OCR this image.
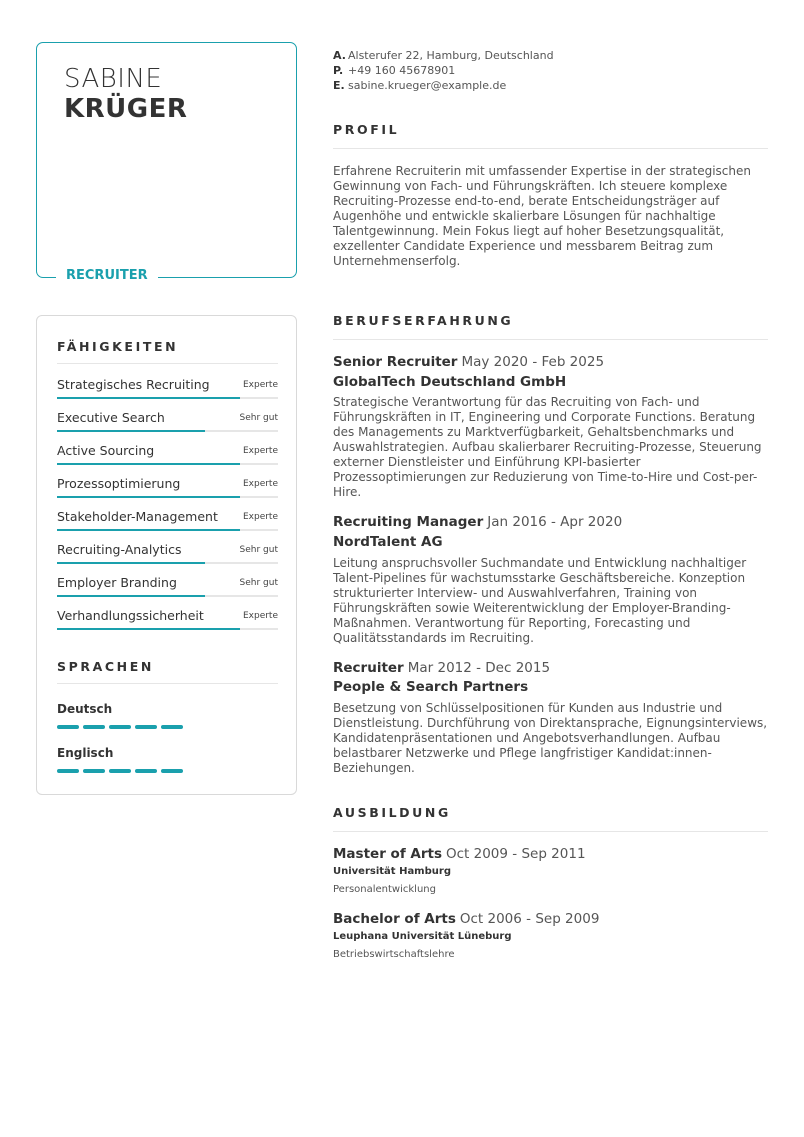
SABINE
KRÜGER
RECRUITER
FÄHIGKEITEN
Strategisches Recruiting	Experte
Executive Search	Sehr gut
Active Sourcing	Experte
Prozessoptimierung	Experte
Stakeholder-Management	Experte
Recruiting-Analytics	Sehr gut
Employer Branding	Sehr gut
Verhandlungssicherheit	Experte
SPRACHEN
Deutsch
Englisch
A. Alsterufer 22, Hamburg, Deutschland
P. +49 160 45678901
E. sabine.krueger@example.de
PROFIL
Erfahrene Recruiterin mit umfassender Expertise in der strategischen Gewinnung von Fach- und Führungskräften. Ich steuere komplexe Recruiting-Prozesse end-to-end, berate Entscheidungsträger auf Augenhöhe und entwickle skalierbare Lösungen für nachhaltige Talentgewinnung. Mein Fokus liegt auf hoher Besetzungsqualität, exzellenter Candidate Experience und messbarem Beitrag zum Unternehmenserfolg.
BERUFSERFAHRUNG
Senior Recruiter May 2020 - Feb 2025
GlobalTech Deutschland GmbH
Strategische Verantwortung für das Recruiting von Fach- und Führungskräften in IT, Engineering und Corporate Functions. Beratung des Managements zu Marktverfügbarkeit, Gehaltsbenchmarks und Auswahlstrategien. Aufbau skalierbarer Recruiting-Prozesse, Steuerung externer Dienstleister und Einführung KPI-basierter Prozessoptimierungen zur Reduzierung von Time-to-Hire und Cost-per-Hire.
Recruiting Manager Jan 2016 - Apr 2020
NordTalent AG
Leitung anspruchsvoller Suchmandate und Entwicklung nachhaltiger Talent-Pipelines für wachstumsstarke Geschäftsbereiche. Konzeption strukturierter Interview- und Auswahlverfahren, Training von Führungskräften sowie Weiterentwicklung der Employer-Branding-Maßnahmen. Verantwortung für Reporting, Forecasting und Qualitätsstandards im Recruiting.
Recruiter Mar 2012 - Dec 2015
People & Search Partners
Besetzung von Schlüsselpositionen für Kunden aus Industrie und Dienstleistung. Durchführung von Direktansprache, Eignungsinterviews, Kandidatenpräsentationen und Angebotsverhandlungen. Aufbau belastbarer Netzwerke und Pflege langfristiger Kandidat:innen-Beziehungen.
AUSBILDUNG
Master of Arts Oct 2009 - Sep 2011
Universität Hamburg
Personalentwicklung
Bachelor of Arts Oct 2006 - Sep 2009
Leuphana Universität Lüneburg
Betriebswirtschaftslehre
